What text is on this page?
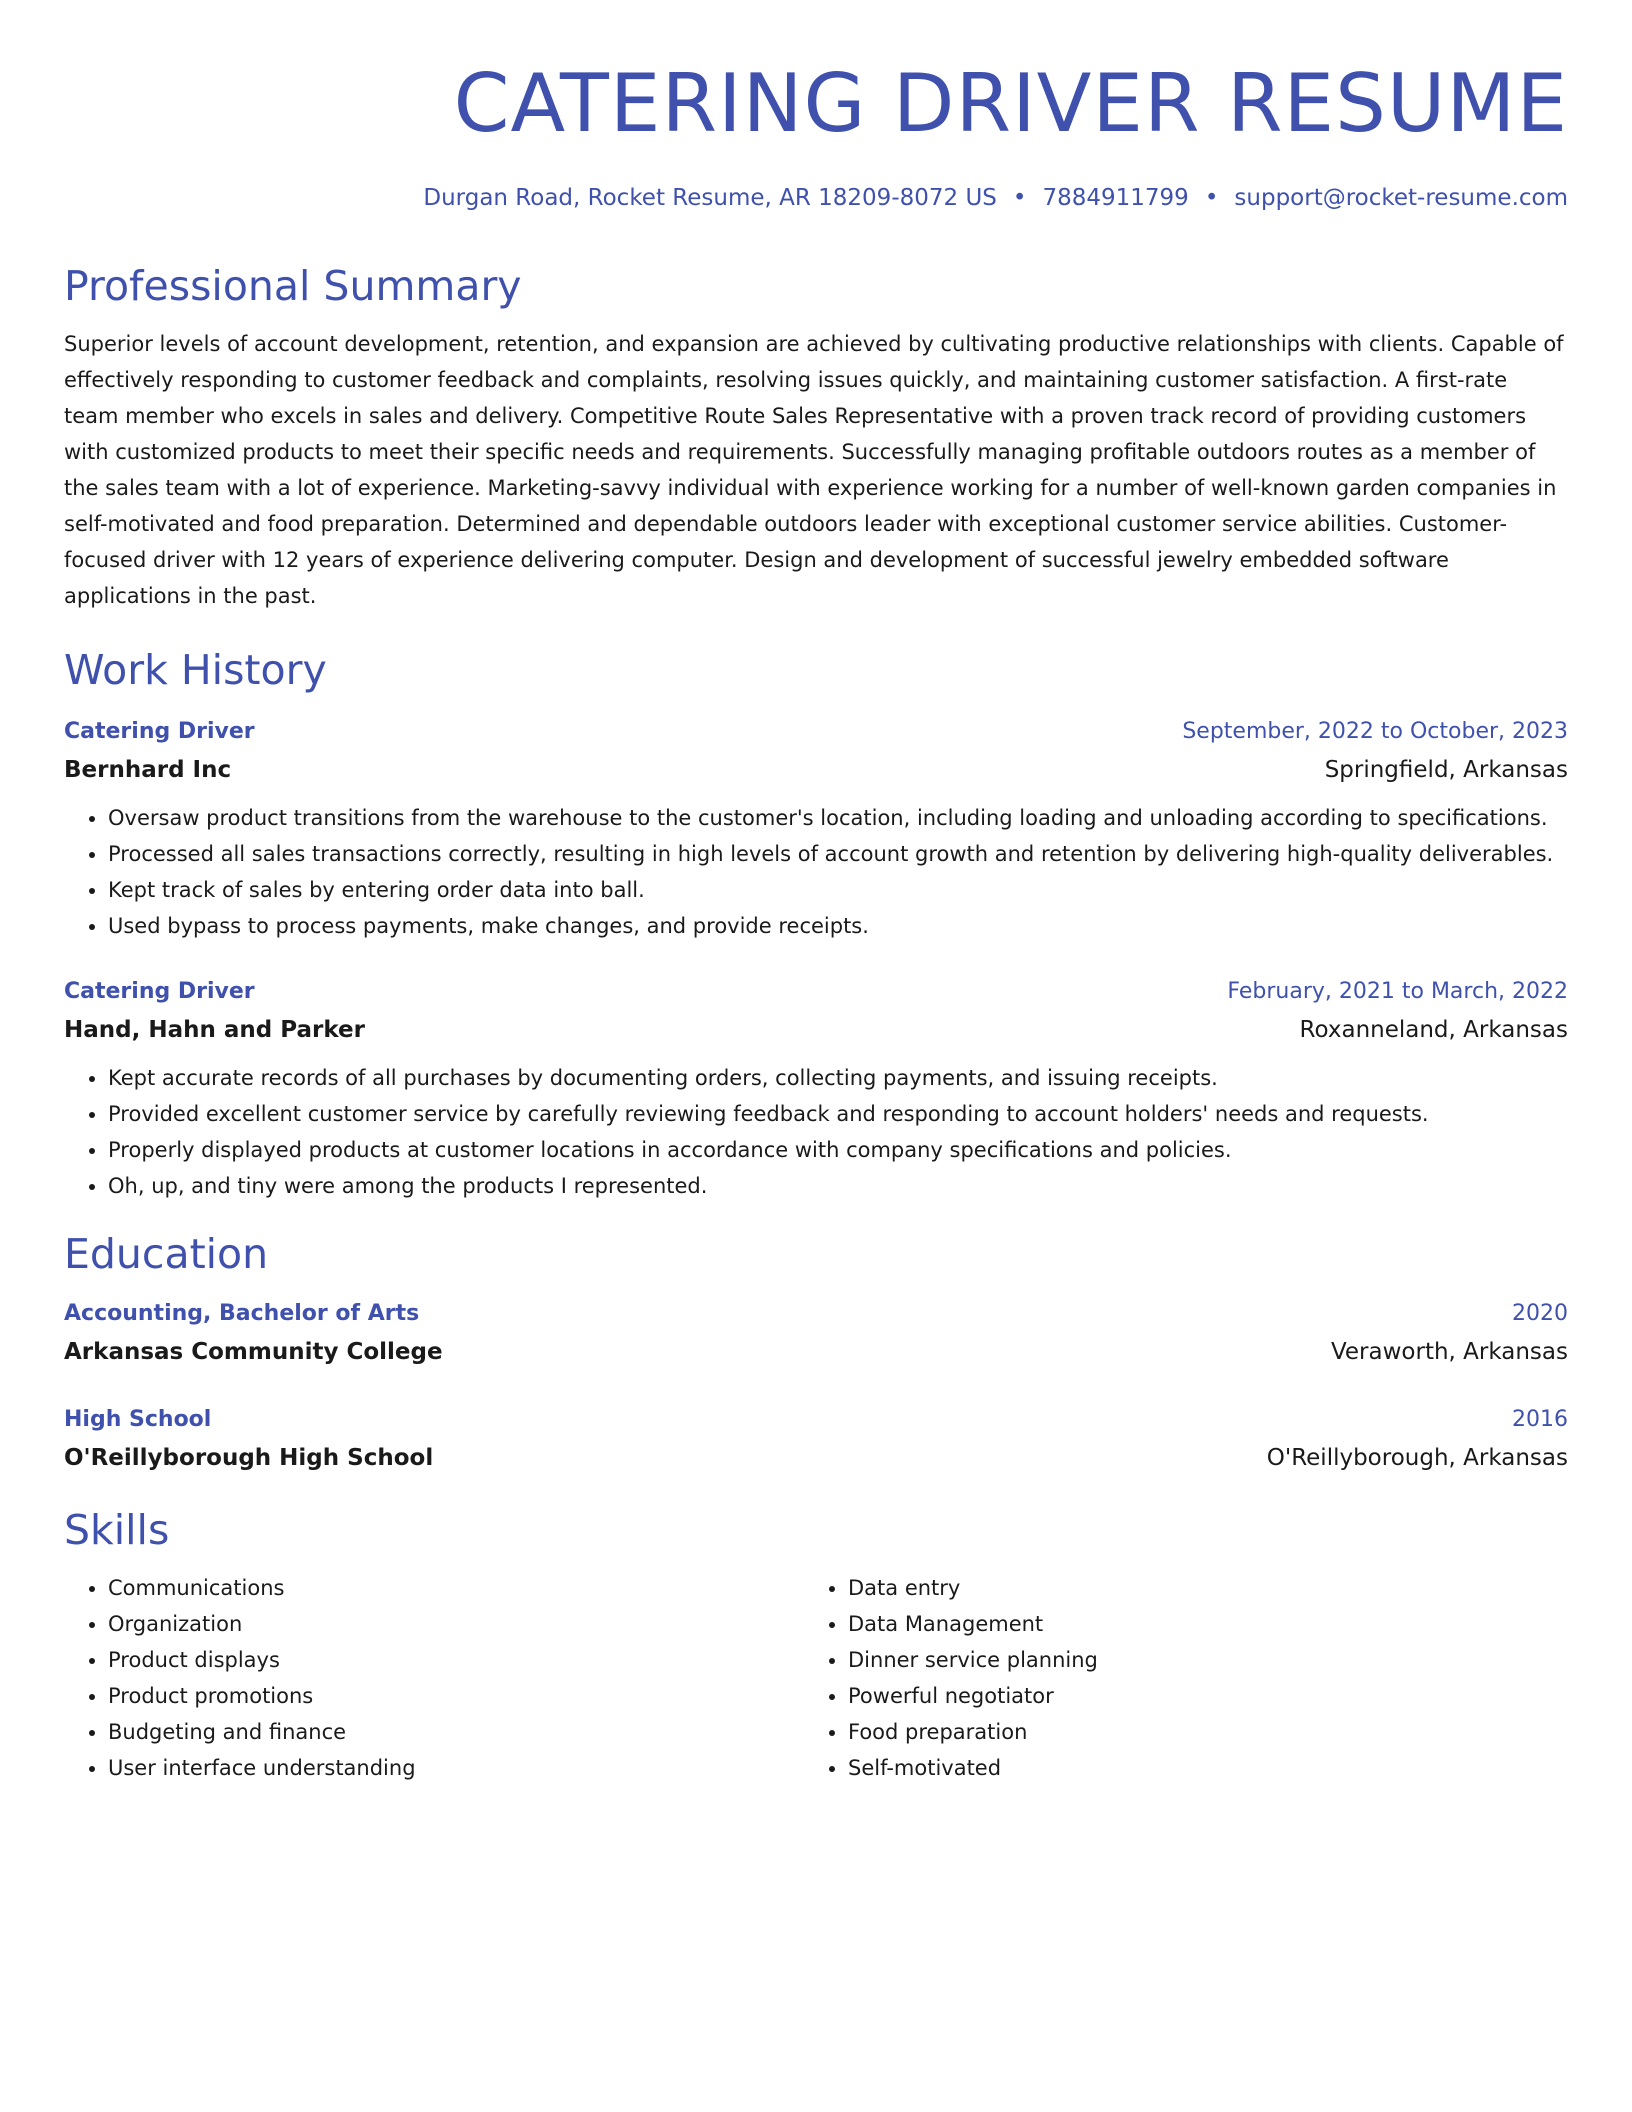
CATERING DRIVER RESUME
Durgan Road, Rocket Resume, AR 18209-8072 US • 7884911799 • support@rocket-resume.com
Professional Summary
Superior levels of account development, retention, and expansion are achieved by cultivating productive relationships with clients. Capable of effectively responding to customer feedback and complaints, resolving issues quickly, and maintaining customer satisfaction. A first-rate team member who excels in sales and delivery. Competitive Route Sales Representative with a proven track record of providing customers with customized products to meet their specific needs and requirements. Successfully managing profitable outdoors routes as a member of the sales team with a lot of experience. Marketing-savvy individual with experience working for a number of well-known garden companies in self-motivated and food preparation. Determined and dependable outdoors leader with exceptional customer service abilities. Customer-focused driver with 12 years of experience delivering computer. Design and development of successful jewelry embedded software applications in the past.
Work History
Catering Driver	September, 2022 to October, 2023
Bernhard Inc	Springfield, Arkansas
• Oversaw product transitions from the warehouse to the customer's location, including loading and unloading according to specifications.
• Processed all sales transactions correctly, resulting in high levels of account growth and retention by delivering high-quality deliverables.
• Kept track of sales by entering order data into ball.
• Used bypass to process payments, make changes, and provide receipts.
Catering Driver	February, 2021 to March, 2022
Hand, Hahn and Parker	Roxanneland, Arkansas
• Kept accurate records of all purchases by documenting orders, collecting payments, and issuing receipts.
• Provided excellent customer service by carefully reviewing feedback and responding to account holders' needs and requests.
• Properly displayed products at customer locations in accordance with company specifications and policies.
• Oh, up, and tiny were among the products I represented.
Education
Accounting, Bachelor of Arts	2020
Arkansas Community College	Veraworth, Arkansas
High School	2016
O'Reillyborough High School	O'Reillyborough, Arkansas
Skills
• Communications
• Organization
• Product displays
• Product promotions
• Budgeting and finance
• User interface understanding
• Data entry
• Data Management
• Dinner service planning
• Powerful negotiator
• Food preparation
• Self-motivated
